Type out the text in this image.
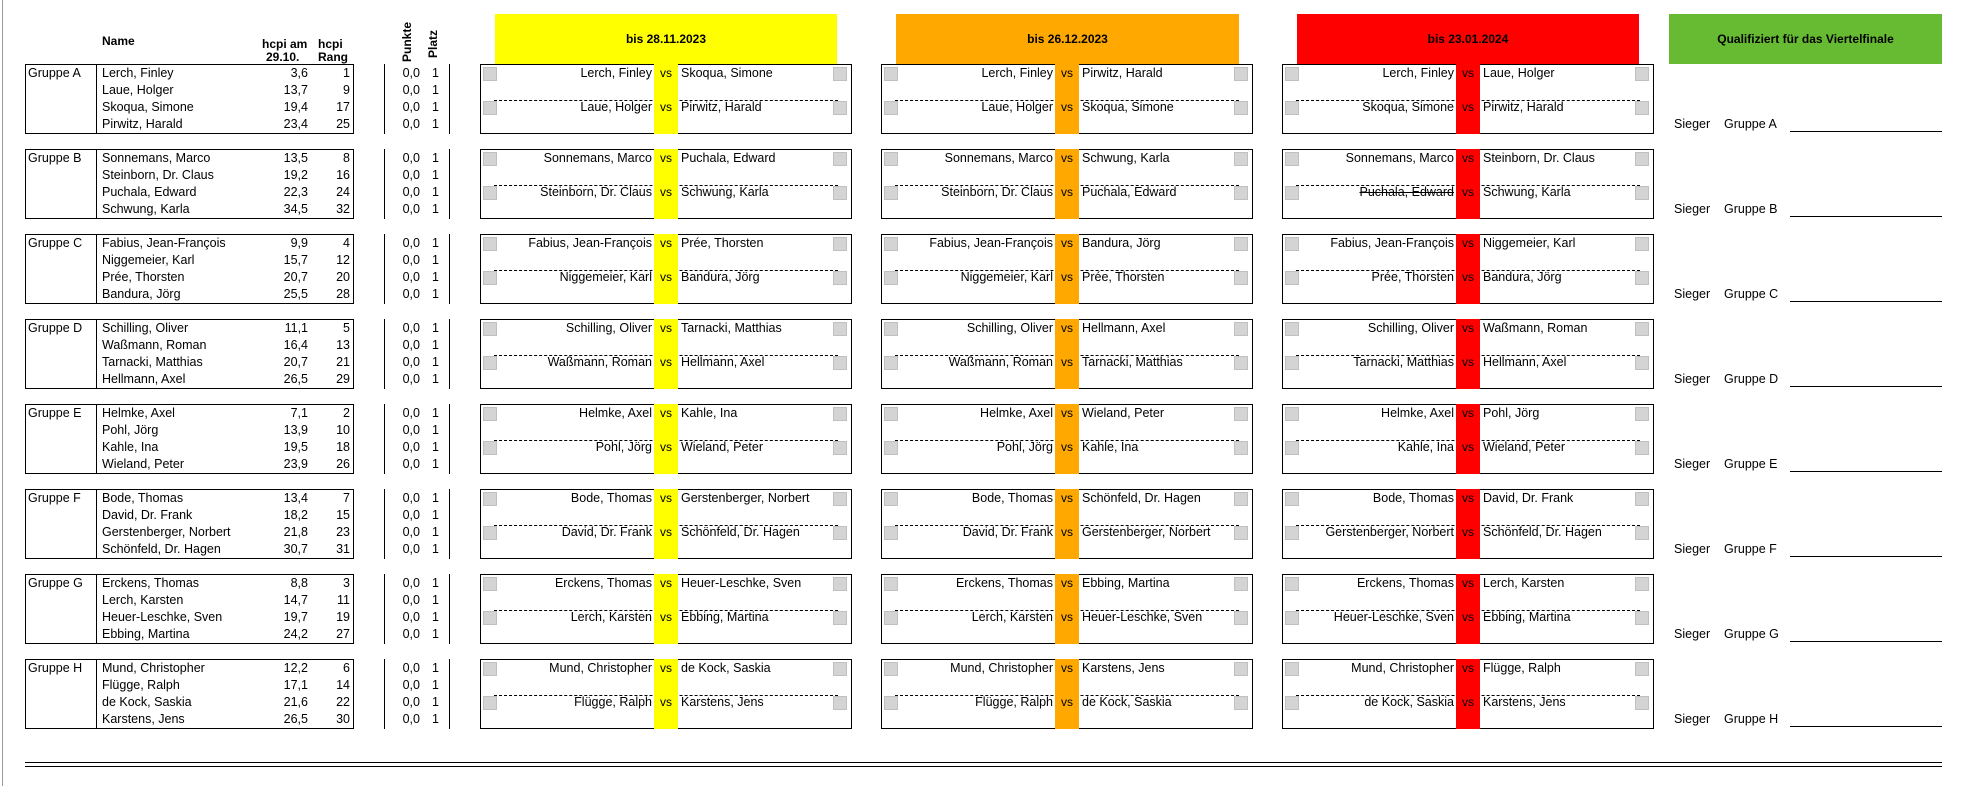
Name	hcpi am
29.10.
hcpi
Rang	Punkte Platz	bis 28.11.2023	bis 26.12.2023	bis 23.01.2024	Qualifiziert für das Viertelfinale
Gruppe A Lerch, Finley	3,6	1	0,0 1
Laue, Holger	13,7	9	0,0 1
Skoqua, Simone	19,4	17	0,0 1
Pirwitz, Harald	23,4	25	0,0 1
Lerch, Finley vs Skoqua, Simone
Laue, Holger vs Pirwitz, Harald
Lerch, Finley vs Pirwitz, Harald
Laue, Holger vs Skoqua, Simone
Lerch, Finley vs Laue, Holger
Skoqua, Simone vs Pirwitz, Harald
Sieger Gruppe A
Gruppe B Sonnemans, Marco	13,5	8	0,0 1
Steinborn, Dr. Claus	19,2	16	0,0 1
Puchala, Edward	22,3	24	0,0 1
Schwung, Karla	34,5	32	0,0 1
Sonnemans, Marco vs Puchala, Edward
Steinborn, Dr. Claus vs Schwung, Karla
Sonnemans, Marco vs Schwung, Karla
Steinborn, Dr. Claus vs Puchala, Edward
Sonnemans, Marco vs Steinborn, Dr. Claus
Puchala, Edward vs Schwung, Karla
Sieger Gruppe B
Gruppe C Fabius, Jean-François	9,9	4	0,0 1
Niggemeier, Karl	15,7	12	0,0 1
Prée, Thorsten	20,7	20	0,0 1
Bandura, Jörg	25,5	28	0,0 1
Fabius, Jean-François vs Prée, Thorsten
Niggemeier, Karl vs Bandura, Jörg
Fabius, Jean-François vs Bandura, Jörg
Niggemeier, Karl vs Prée, Thorsten
Fabius, Jean-François vs Niggemeier, Karl
Prée, Thorsten vs Bandura, Jörg
Sieger Gruppe C
Gruppe D Schilling, Oliver	11,1	5	0,0 1
Waßmann, Roman	16,4	13	0,0 1
Tarnacki, Matthias	20,7	21	0,0 1
Hellmann, Axel	26,5	29	0,0 1
Schilling, Oliver vs Tarnacki, Matthias
Waßmann, Roman vs Hellmann, Axel
Schilling, Oliver vs Hellmann, Axel
Waßmann, Roman vs Tarnacki, Matthias
Schilling, Oliver vs Waßmann, Roman
Tarnacki, Matthias vs Hellmann, Axel
Sieger Gruppe D
Gruppe E Helmke, Axel	7,1	2	0,0 1
Pohl, Jörg	13,9	10	0,0 1
Kahle, Ina	19,5	18	0,0 1
Wieland, Peter	23,9	26	0,0 1
Helmke, Axel vs Kahle, Ina
Pohl, Jörg vs Wieland, Peter
Helmke, Axel vs Wieland, Peter
Pohl, Jörg vs Kahle, Ina
Helmke, Axel vs Pohl, Jörg
Kahle, Ina vs Wieland, Peter
Sieger Gruppe E
Gruppe F Bode, Thomas	13,4	7	0,0 1
David, Dr. Frank	18,2	15	0,0 1
Gerstenberger, Norbert	21,8	23	0,0 1
Schönfeld, Dr. Hagen	30,7	31	0,0 1
Bode, Thomas vs Gerstenberger, Norbert
David, Dr. Frank vs Schönfeld, Dr. Hagen
Bode, Thomas vs Schönfeld, Dr. Hagen
David, Dr. Frank vs Gerstenberger, Norbert
Bode, Thomas vs David, Dr. Frank
Gerstenberger, Norbert vs Schönfeld, Dr. Hagen
Sieger Gruppe F
Gruppe G Erckens, Thomas	8,8	3	0,0 1
Lerch, Karsten	14,7	11	0,0 1
Heuer-Leschke, Sven	19,7	19	0,0 1
Ebbing, Martina	24,2	27	0,0 1
Erckens, Thomas vs Heuer-Leschke, Sven
Lerch, Karsten vs Ebbing, Martina
Erckens, Thomas vs Ebbing, Martina
Lerch, Karsten vs Heuer-Leschke, Sven
Erckens, Thomas vs Lerch, Karsten
Heuer-Leschke, Sven vs Ebbing, Martina
Sieger Gruppe G
Gruppe H Mund, Christopher	12,2	6	0,0 1
Flügge, Ralph	17,1	14	0,0 1
de Kock, Saskia	21,6	22	0,0 1
Karstens, Jens	26,5	30	0,0 1
Mund, Christopher vs de Kock, Saskia
Flügge, Ralph vs Karstens, Jens
Mund, Christopher vs Karstens, Jens
Flügge, Ralph vs de Kock, Saskia
Mund, Christopher vs Flügge, Ralph
de Kock, Saskia vs Karstens, Jens
Sieger Gruppe H
